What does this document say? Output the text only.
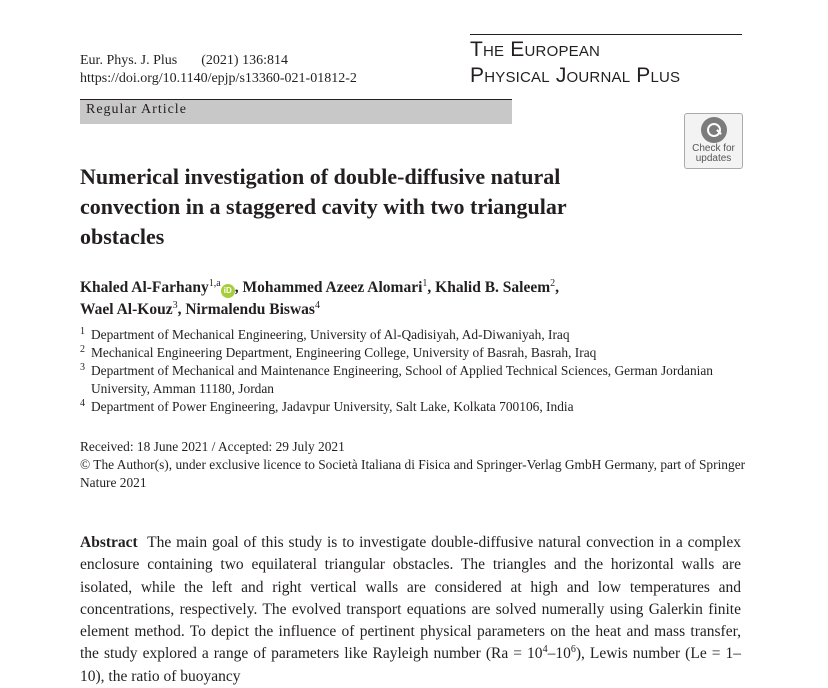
Eur. Phys. J. Plus (2021) 136:814
https://doi.org/10.1140/epjp/s13360-021-01812-2
The European
Physical Journal Plus
Regular Article
Check for
updates
Numerical investigation of double-diffusive natural convection in a staggered cavity with two triangular obstacles
Khaled Al-Farhany$^{1,a}$iD , Mohammed Azeez Alomari$^1$, Khalid B. Saleem$^2$,
Wael Al-Kouz$^3$, Nirmalendu Biswas$^4$
1 Department of Mechanical Engineering, University of Al-Qadisiyah, Ad-Diwaniyah, Iraq
2 Mechanical Engineering Department, Engineering College, University of Basrah, Basrah, Iraq
3 Department of Mechanical and Maintenance Engineering, School of Applied Technical Sciences, German Jordanian University, Amman 11180, Jordan
4 Department of Power Engineering, Jadavpur University, Salt Lake, Kolkata 700106, India
Received: 18 June 2021 / Accepted: 29 July 2021
© The Author(s), under exclusive licence to Società Italiana di Fisica and Springer-Verlag GmbH Germany, part of Springer Nature 2021
Abstract The main goal of this study is to investigate double-diffusive natural convection in a complex enclosure containing two equilateral triangular obstacles. The triangles and the horizontal walls are isolated, while the left and right vertical walls are considered at high and low temperatures and concentrations, respectively. The evolved transport equations are solved numerally using Galerkin finite element method. To depict the influence of pertinent physical parameters on the heat and mass transfer, the study explored a range of parameters like Rayleigh number $(Ra = 10^4-10^6)$, Lewis number (Le = 1–10), the ratio of buoyancy
